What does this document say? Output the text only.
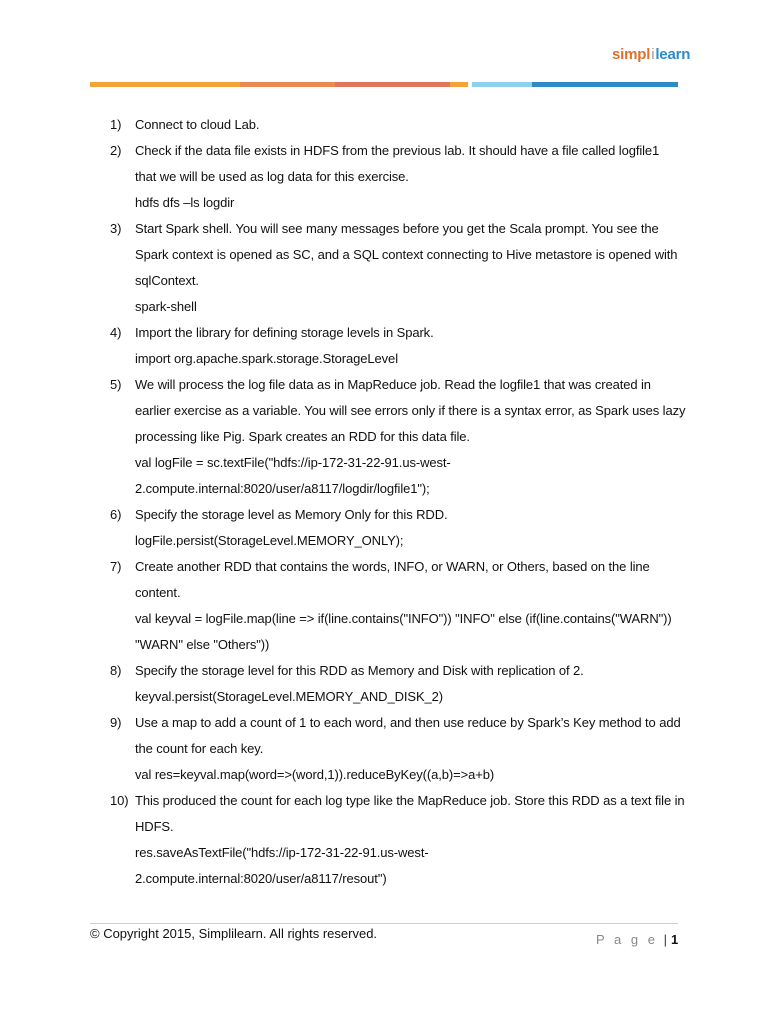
simplilearn
1)	Connect to cloud Lab.
2)	Check if the data file exists in HDFS from the previous lab. It should have a file called logfile1
that we will be used as log data for this exercise.
hdfs dfs –ls logdir
3)	Start Spark shell. You will see many messages before you get the Scala prompt. You see the
Spark context is opened as SC, and a SQL context connecting to Hive metastore is opened with
sqlContext.
spark-shell
4)	Import the library for defining storage levels in Spark.
import org.apache.spark.storage.StorageLevel
5)	We will process the log file data as in MapReduce job. Read the logfile1 that was created in
earlier exercise as a variable. You will see errors only if there is a syntax error, as Spark uses lazy
processing like Pig. Spark creates an RDD for this data file.
val logFile = sc.textFile("hdfs://ip-172-31-22-91.us-west-
2.compute.internal:8020/user/a8117/logdir/logfile1");
6)	Specify the storage level as Memory Only for this RDD.
logFile.persist(StorageLevel.MEMORY_ONLY);
7)	Create another RDD that contains the words, INFO, or WARN, or Others, based on the line
content.
val keyval = logFile.map(line => if(line.contains("INFO")) "INFO" else (if(line.contains("WARN"))
"WARN" else "Others"))
8)	Specify the storage level for this RDD as Memory and Disk with replication of 2.
keyval.persist(StorageLevel.MEMORY_AND_DISK_2)
9)	Use a map to add a count of 1 to each word, and then use reduce by Spark’s Key method to add
the count for each key.
val res=keyval.map(word=>(word,1)).reduceByKey((a,b)=>a+b)
10) This produced the count for each log type like the MapReduce job. Store this RDD as a text file in
HDFS.
res.saveAsTextFile("hdfs://ip-172-31-22-91.us-west-
2.compute.internal:8020/user/a8117/resout")
© Copyright 2015, Simplilearn. All rights reserved.	P a g e | 1
